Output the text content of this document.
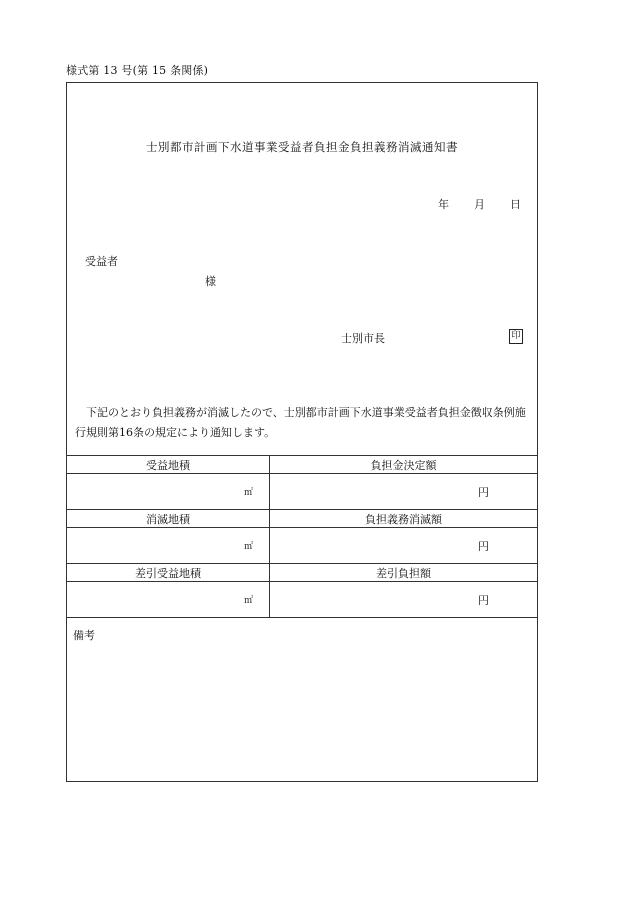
様式第 13 号(第 15 条関係)
士別都市計画下水道事業受益者負担金負担義務消滅通知書
年 月 日
受益者
様
士別市長	印
下記のとおり負担義務が消滅したので、士別都市計画下水道事業受益者負担金徴収条例施行規則第16条の規定により通知します。
受益地積	負担金決定額
㎡	円
消滅地積	負担義務消滅額
㎡	円
差引受益地積	差引負担額
㎡	円
備考
